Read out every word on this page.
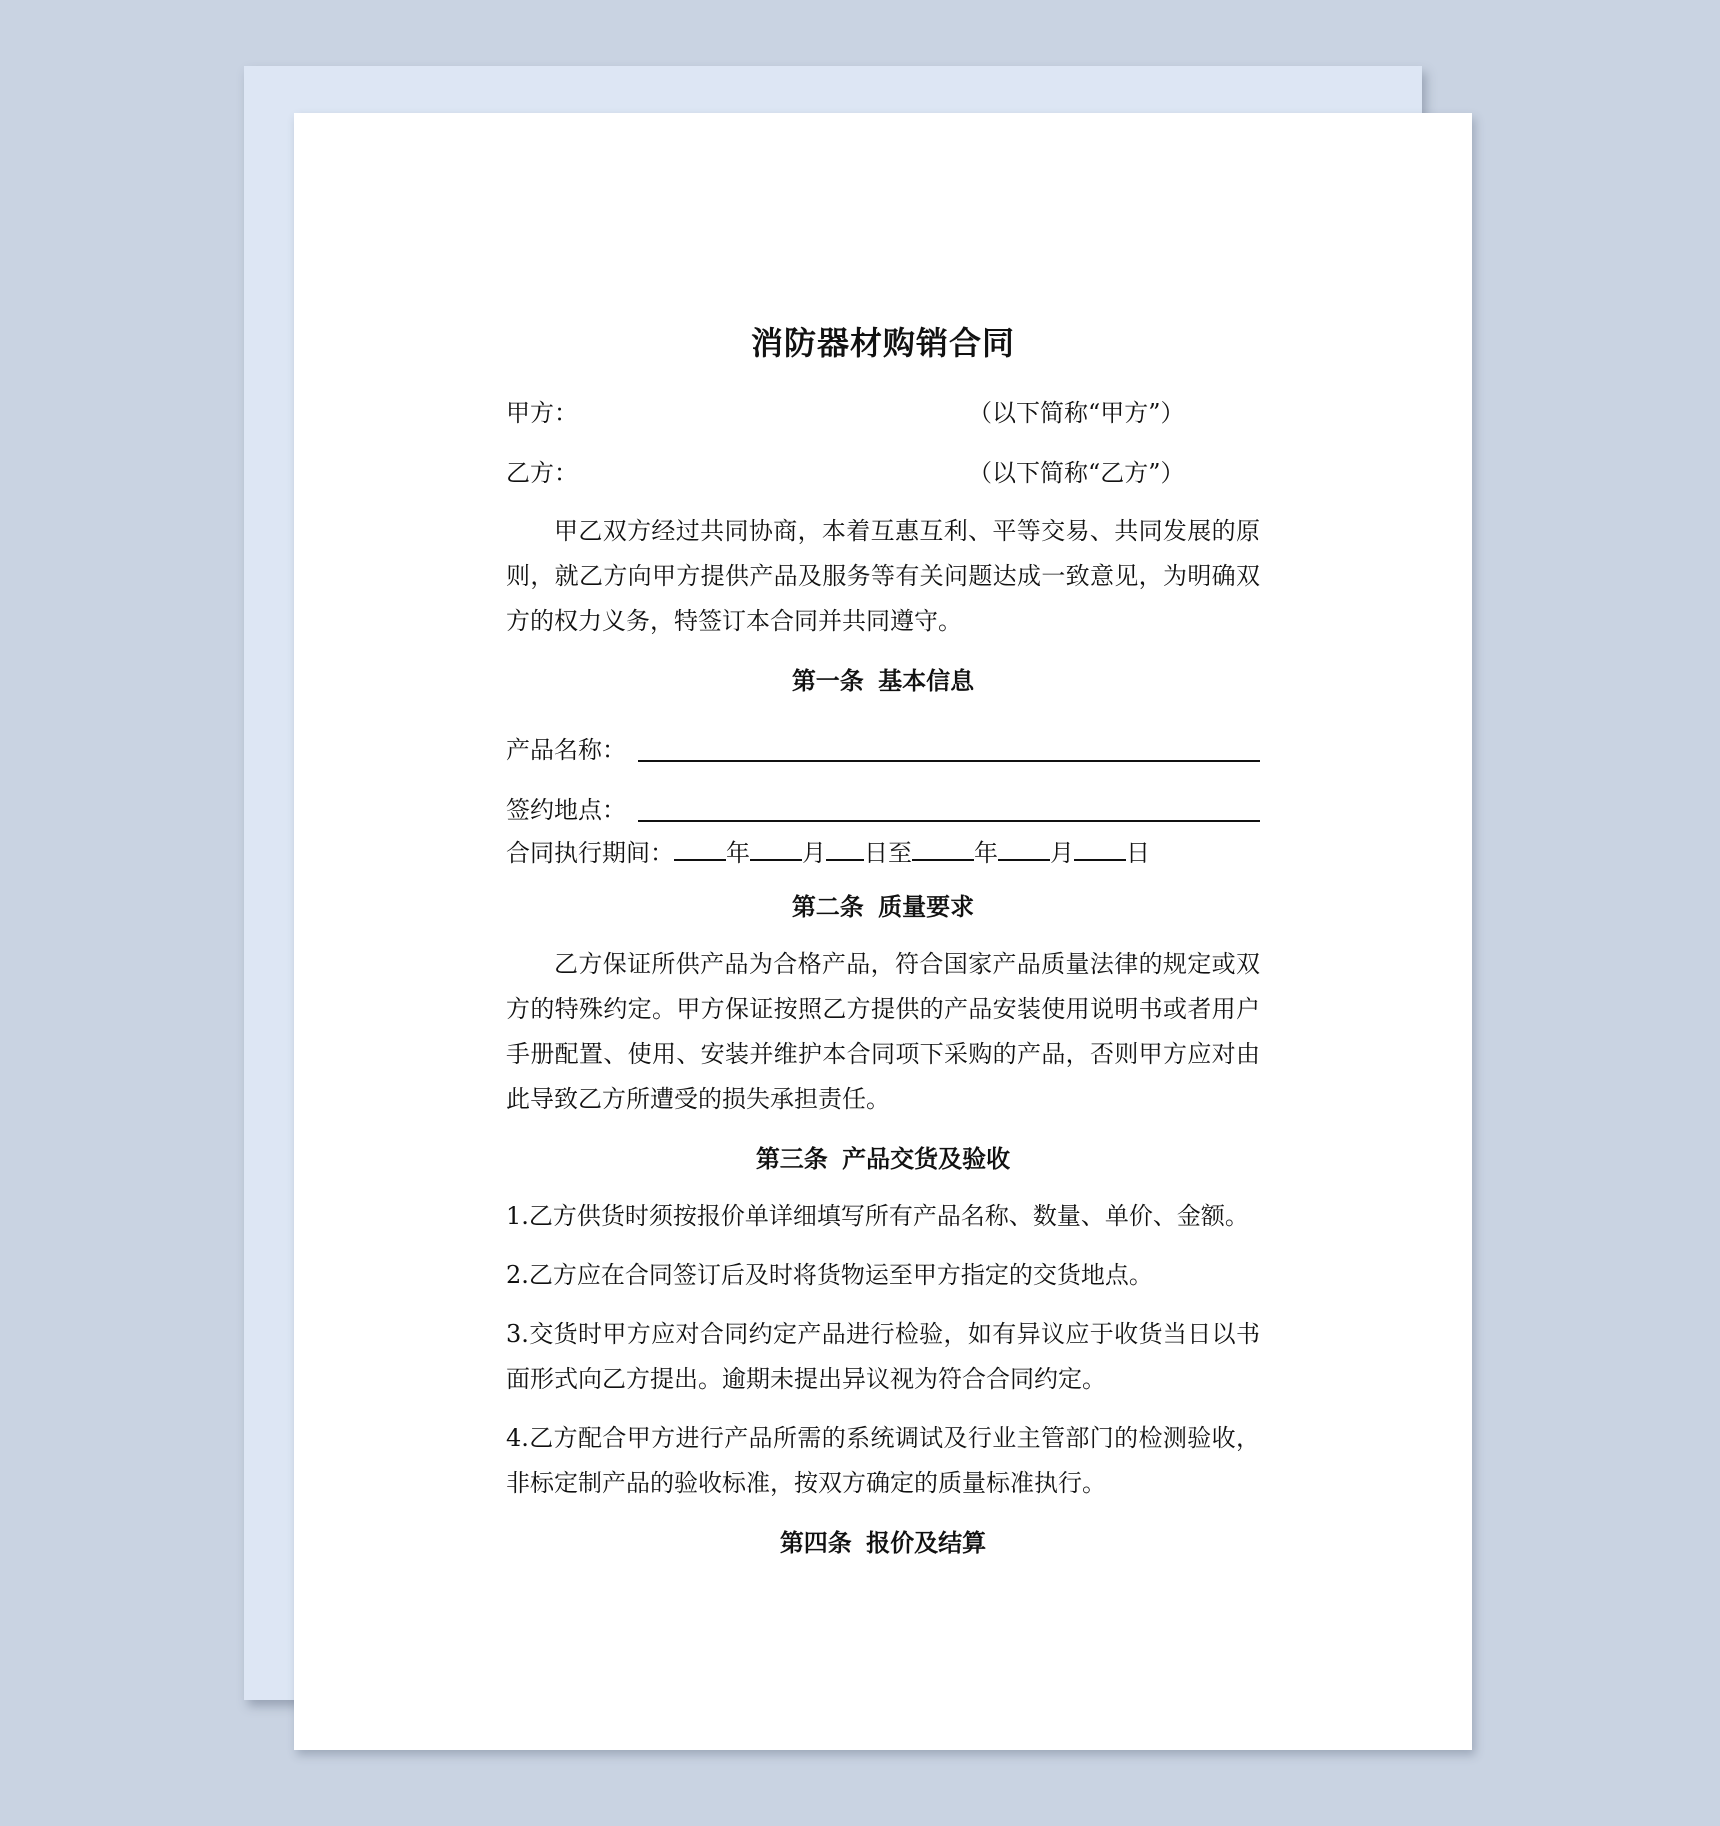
消防器材购销合同
甲方：	（以下简称“甲方”）
乙方：	（以下简称“乙方”）

甲乙双方经过共同协商，本着互惠互利、平等交易、共同发展的原则，就乙方向甲方提供产品及服务等有关问题达成一致意见，为明确双方的权力义务，特签订本合同并共同遵守。

第一条 基本信息
产品名称：
签约地点：
合同执行期间： 年 月 日至	年 月 日
第二条 质量要求

乙方保证所供产品为合格产品，符合国家产品质量法律的规定或双方的特殊约定。甲方保证按照乙方提供的产品安装使用说明书或者用户手册配置、使用、安装并维护本合同项下采购的产品，否则甲方应对由此导致乙方所遭受的损失承担责任。

第三条 产品交货及验收

1.乙方供货时须按报价单详细填写所有产品名称、数量、单价、金额。

2.乙方应在合同签订后及时将货物运至甲方指定的交货地点。

3.交货时甲方应对合同约定产品进行检验，如有异议应于收货当日以书面形式向乙方提出。逾期未提出异议视为符合合同约定。

4.乙方配合甲方进行产品所需的系统调试及行业主管部门的检测验收，非标定制产品的验收标准，按双方确定的质量标准执行。

第四条 报价及结算
